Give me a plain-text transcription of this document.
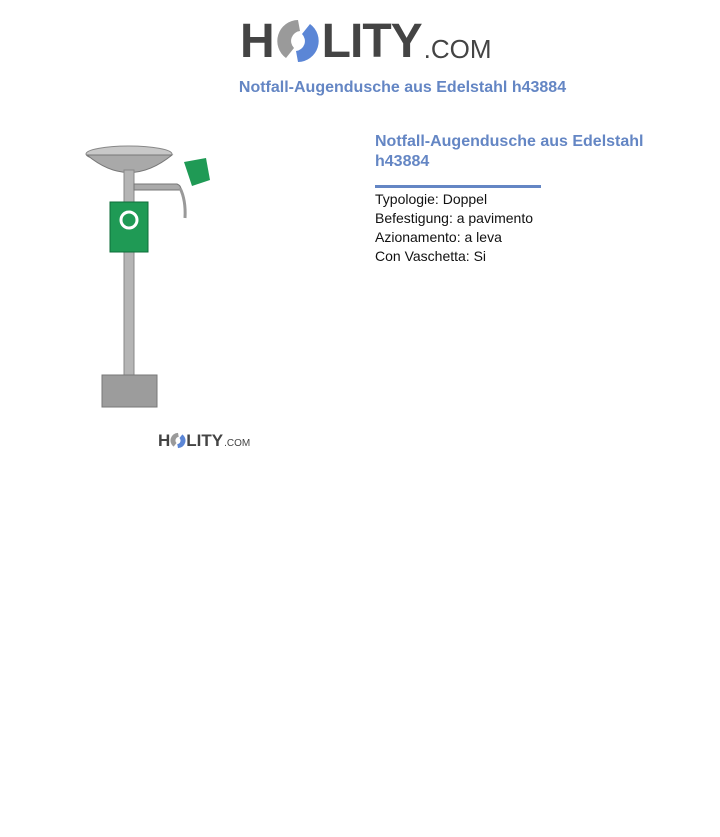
H LITY .COM
Notfall-Augendusche aus Edelstahl h43884
H LITY .COM
Notfall-Augendusche aus Edelstahl h43884
Typologie: Doppel
Befestigung: a pavimento
Azionamento: a leva
Con Vaschetta: Si
